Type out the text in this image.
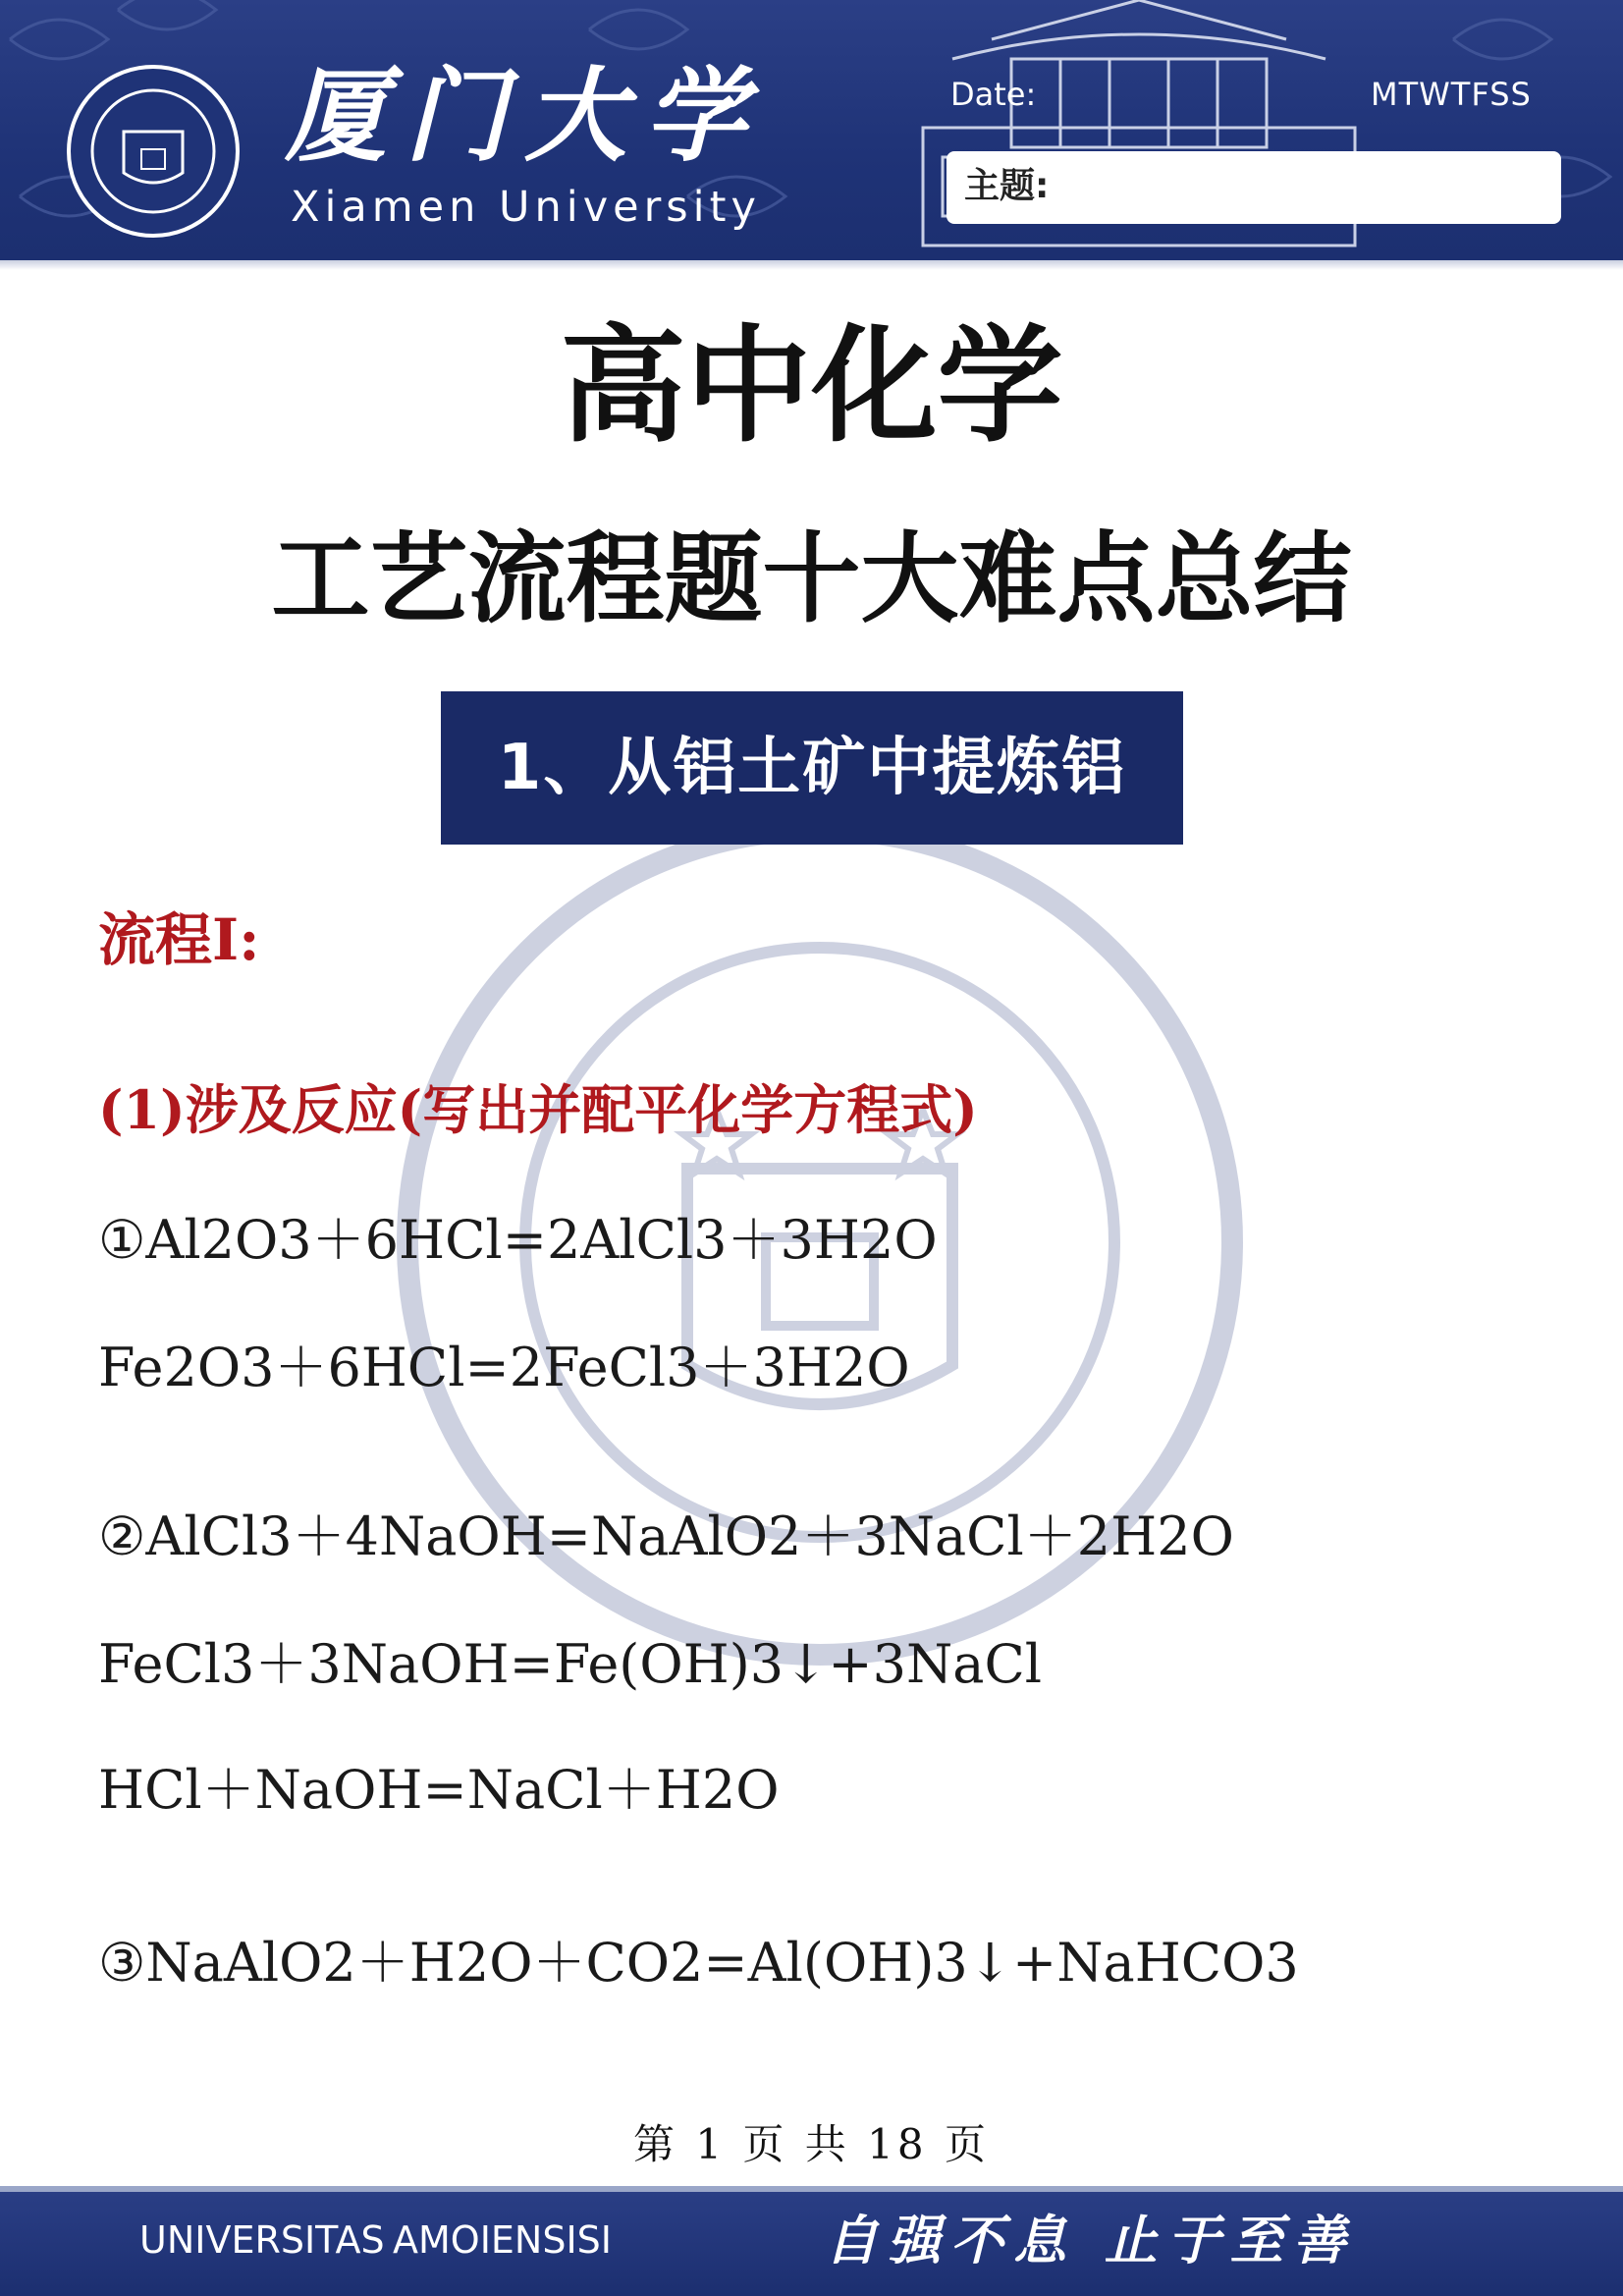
厦门大学
Xiamen University
Date:	MTWTFSS
主题:
高中化学
工艺流程题十大难点总结
1、从铝土矿中提炼铝
流程Ⅰ:
(1)涉及反应(写出并配平化学方程式)
①Al2O3＋6HCl=2AlCl3＋3H2O
Fe2O3＋6HCl=2FeCl3＋3H2O
②AlCl3＋4NaOH=NaAlO2＋3NaCl＋2H2O
FeCl3＋3NaOH=Fe(OH)3↓+3NaCl
HCl＋NaOH=NaCl＋H2O
③NaAlO2＋H2O＋CO2=Al(OH)3↓+NaHCO3
第 1 页 共 18 页
UNIVERSITAS AMOIENSISI	自强不息 止于至善
